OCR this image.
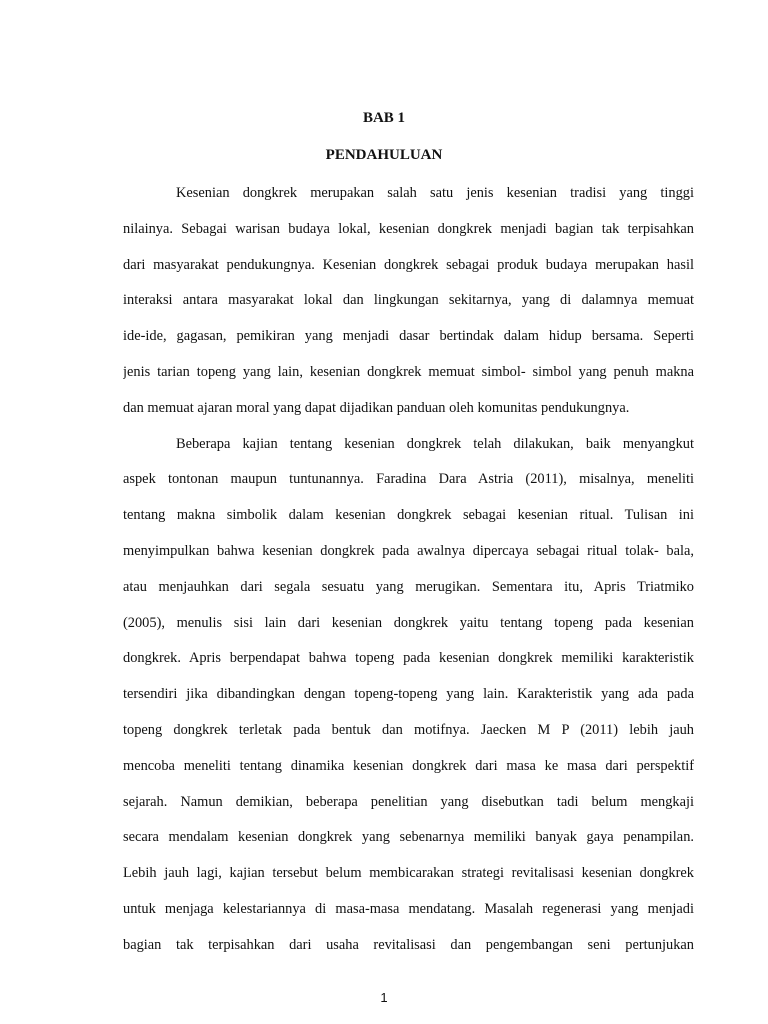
BAB 1
PENDAHULUAN

Kesenian dongkrek merupakan salah satu jenis kesenian tradisi yang tinggi
nilainya. Sebagai warisan budaya lokal, kesenian dongkrek menjadi bagian tak terpisahkan
dari masyarakat pendukungnya. Kesenian dongkrek sebagai produk budaya merupakan hasil
interaksi antara masyarakat lokal dan lingkungan sekitarnya, yang di dalamnya memuat
ide-ide, gagasan, pemikiran yang menjadi dasar bertindak dalam hidup bersama. Seperti
jenis tarian topeng yang lain, kesenian dongkrek memuat simbol- simbol yang penuh makna
dan memuat ajaran moral yang dapat dijadikan panduan oleh komunitas pendukungnya.

Beberapa kajian tentang kesenian dongkrek telah dilakukan, baik menyangkut
aspek tontonan maupun tuntunannya. Faradina Dara Astria (2011), misalnya, meneliti
tentang makna simbolik dalam kesenian dongkrek sebagai kesenian ritual. Tulisan ini
menyimpulkan bahwa kesenian dongkrek pada awalnya dipercaya sebagai ritual tolak- bala,
atau menjauhkan dari segala sesuatu yang merugikan. Sementara itu, Apris Triatmiko
(2005), menulis sisi lain dari kesenian dongkrek yaitu tentang topeng pada kesenian
dongkrek. Apris berpendapat bahwa topeng pada kesenian dongkrek memiliki karakteristik
tersendiri jika dibandingkan dengan topeng-topeng yang lain. Karakteristik yang ada pada
topeng dongkrek terletak pada bentuk dan motifnya. Jaecken M P (2011) lebih jauh
mencoba meneliti tentang dinamika kesenian dongkrek dari masa ke masa dari perspektif
sejarah. Namun demikian, beberapa penelitian yang disebutkan tadi belum mengkaji
secara mendalam kesenian dongkrek yang sebenarnya memiliki banyak gaya penampilan.
Lebih jauh lagi, kajian tersebut belum membicarakan strategi revitalisasi kesenian dongkrek
untuk menjaga kelestariannya di masa-masa mendatang. Masalah regenerasi yang menjadi
bagian tak terpisahkan dari usaha revitalisasi dan pengembangan seni pertunjukan

1
